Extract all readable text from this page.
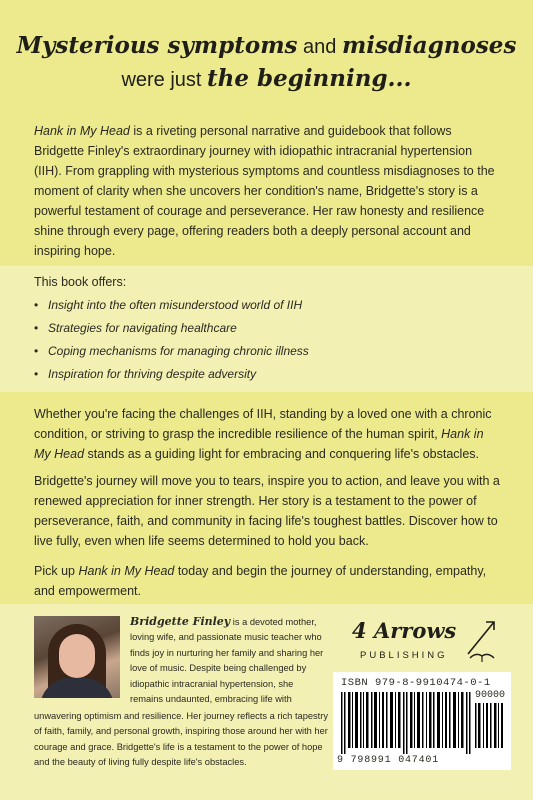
Mysterious symptoms and misdiagnoses
were just the beginning...

Hank in My Head is a riveting personal narrative and guidebook that follows Bridgette Finley's extraordinary journey with idiopathic intracranial hypertension (IIH). From grappling with mysterious symptoms and countless misdiagnoses to the moment of clarity when she uncovers her condition's name, Bridgette's story is a powerful testament of courage and perseverance. Her raw honesty and resilience shine through every page, offering readers both a deeply personal account and inspiring hope.

This book offers:
• Insight into the often misunderstood world of IIH
• Strategies for navigating healthcare
• Coping mechanisms for managing chronic illness
• Inspiration for thriving despite adversity

Whether you're facing the challenges of IIH, standing by a loved one with a chronic condition, or striving to grasp the incredible resilience of the human spirit, Hank in My Head stands as a guiding light for embracing and conquering life's obstacles.

Bridgette's journey will move you to tears, inspire you to action, and leave you with a renewed appreciation for inner strength. Her story is a testament to the power of perseverance, faith, and community in facing life's toughest battles. Discover how to live fully, even when life seems determined to hold you back.

Pick up Hank in My Head today and begin the journey of understanding, empathy, and empowerment.

Bridgette Finley is a devoted mother, loving wife, and passionate music teacher who finds joy in nurturing her family and sharing her love of music. Despite being challenged by idiopathic intracranial hypertension, she remains undaunted, embracing life with

unwavering optimism and resilience. Her journey reflects a rich tapestry of faith, family, and personal growth, inspiring those around her with her courage and grace. Bridgette's life is a testament to the power of hope and the beauty of living fully despite life's obstacles.

4 Arrows
PUBLISHING
ISBN 979-8-9910474-0-1
90000
9 798991 047401
